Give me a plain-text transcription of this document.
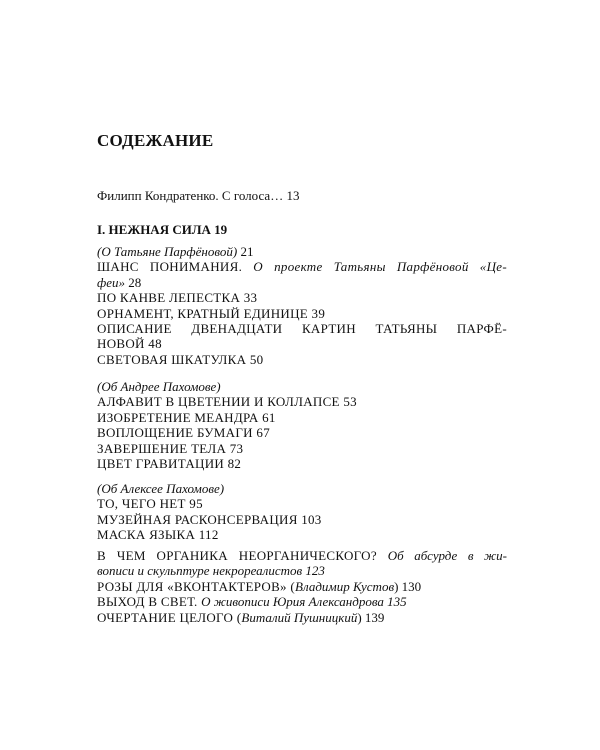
СОДЕЖАНИЕ
Филипп Кондратенко. С голоса… 13
I. НЕЖНАЯ СИЛА 19
(О Татьяне Парфёновой) 21
ШАНС ПОНИМАНИЯ. О проекте Татьяны Парфёновой «Це-
феи» 28
ПО КАНВЕ ЛЕПЕСТКА 33
ОРНАМЕНТ, КРАТНЫЙ ЕДИНИЦЕ 39
ОПИСАНИЕ ДВЕНАДЦАТИ КАРТИН ТАТЬЯНЫ ПАРФЁ-
НОВОЙ 48
СВЕТОВАЯ ШКАТУЛКА 50
(Об Андрее Пахомове)
АЛФАВИТ В ЦВЕТЕНИИ И КОЛЛАПСЕ 53
ИЗОБРЕТЕНИЕ МЕАНДРА 61
ВОПЛОЩЕНИЕ БУМАГИ 67
ЗАВЕРШЕНИЕ ТЕЛА 73
ЦВЕТ ГРАВИТАЦИИ 82
(Об Алексее Пахомове)
ТО, ЧЕГО НЕТ 95
МУЗЕЙНАЯ РАСКОНСЕРВАЦИЯ 103
МАСКА ЯЗЫКА 112
В ЧЕМ ОРГАНИКА НЕОРГАНИЧЕСКОГО? Об абсурде в жи-
вописи и скульптуре некрореалистов 123
РОЗЫ ДЛЯ «ВКОНТАКТЕРОВ» (Владимир Кустов) 130
ВЫХОД В СВЕТ. О живописи Юрия Александрова 135
ОЧЕРТАНИЕ ЦЕЛОГО (Виталий Пушницкий) 139
